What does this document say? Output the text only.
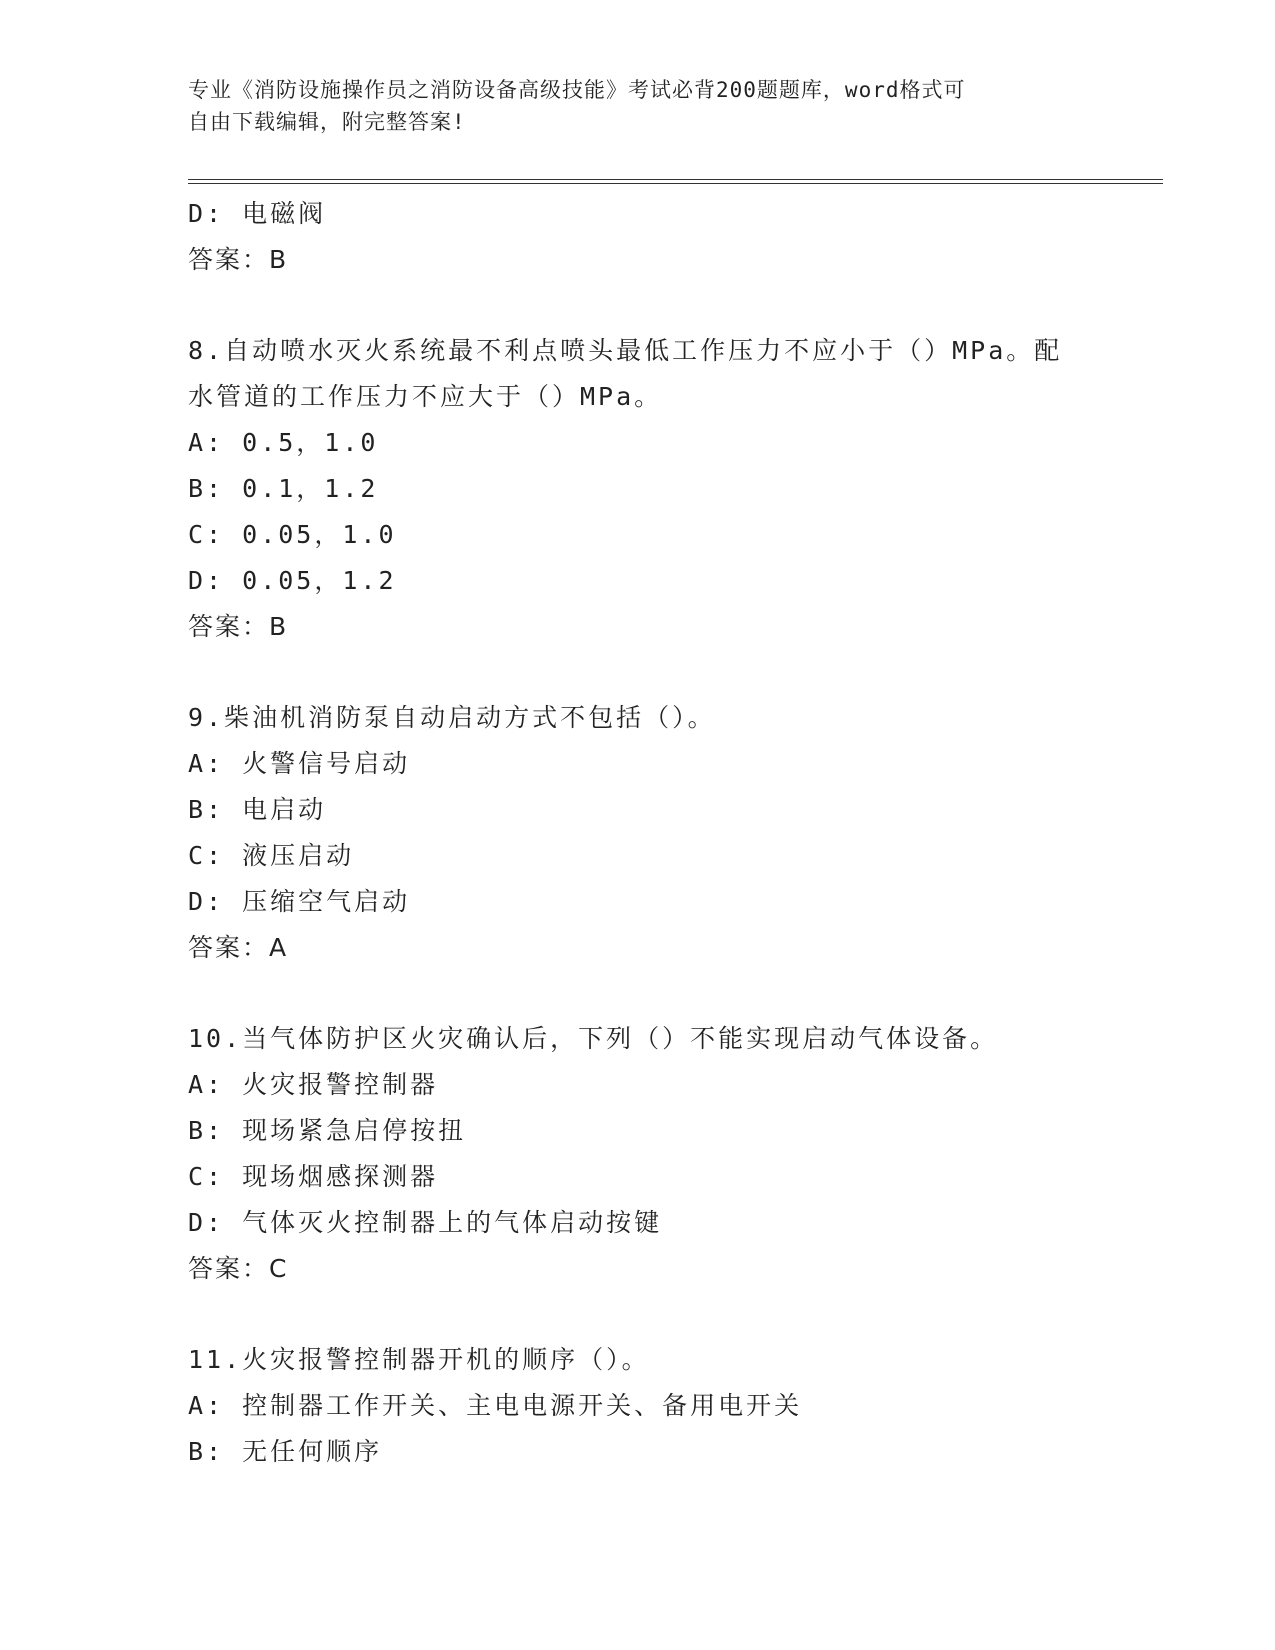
专业《消防设施操作员之消防设备高级技能》考试必背200题题库，word格式可
自由下载编辑，附完整答案!
D: 电磁阀
答案：B
8.自动喷水灭火系统最不利点喷头最低工作压力不应小于（）MPa。配
水管道的工作压力不应大于（）MPa。
A: 0.5，1.0
B: 0.1，1.2
C: 0.05，1.0
D: 0.05，1.2
答案：B
9.柴油机消防泵自动启动方式不包括（）。
A: 火警信号启动
B: 电启动
C: 液压启动
D: 压缩空气启动
答案：A
10.当气体防护区火灾确认后，下列（）不能实现启动气体设备。
A: 火灾报警控制器
B: 现场紧急启停按扭
C: 现场烟感探测器
D: 气体灭火控制器上的气体启动按键
答案：C
11.火灾报警控制器开机的顺序（）。
A: 控制器工作开关、主电电源开关、备用电开关
B: 无任何顺序
